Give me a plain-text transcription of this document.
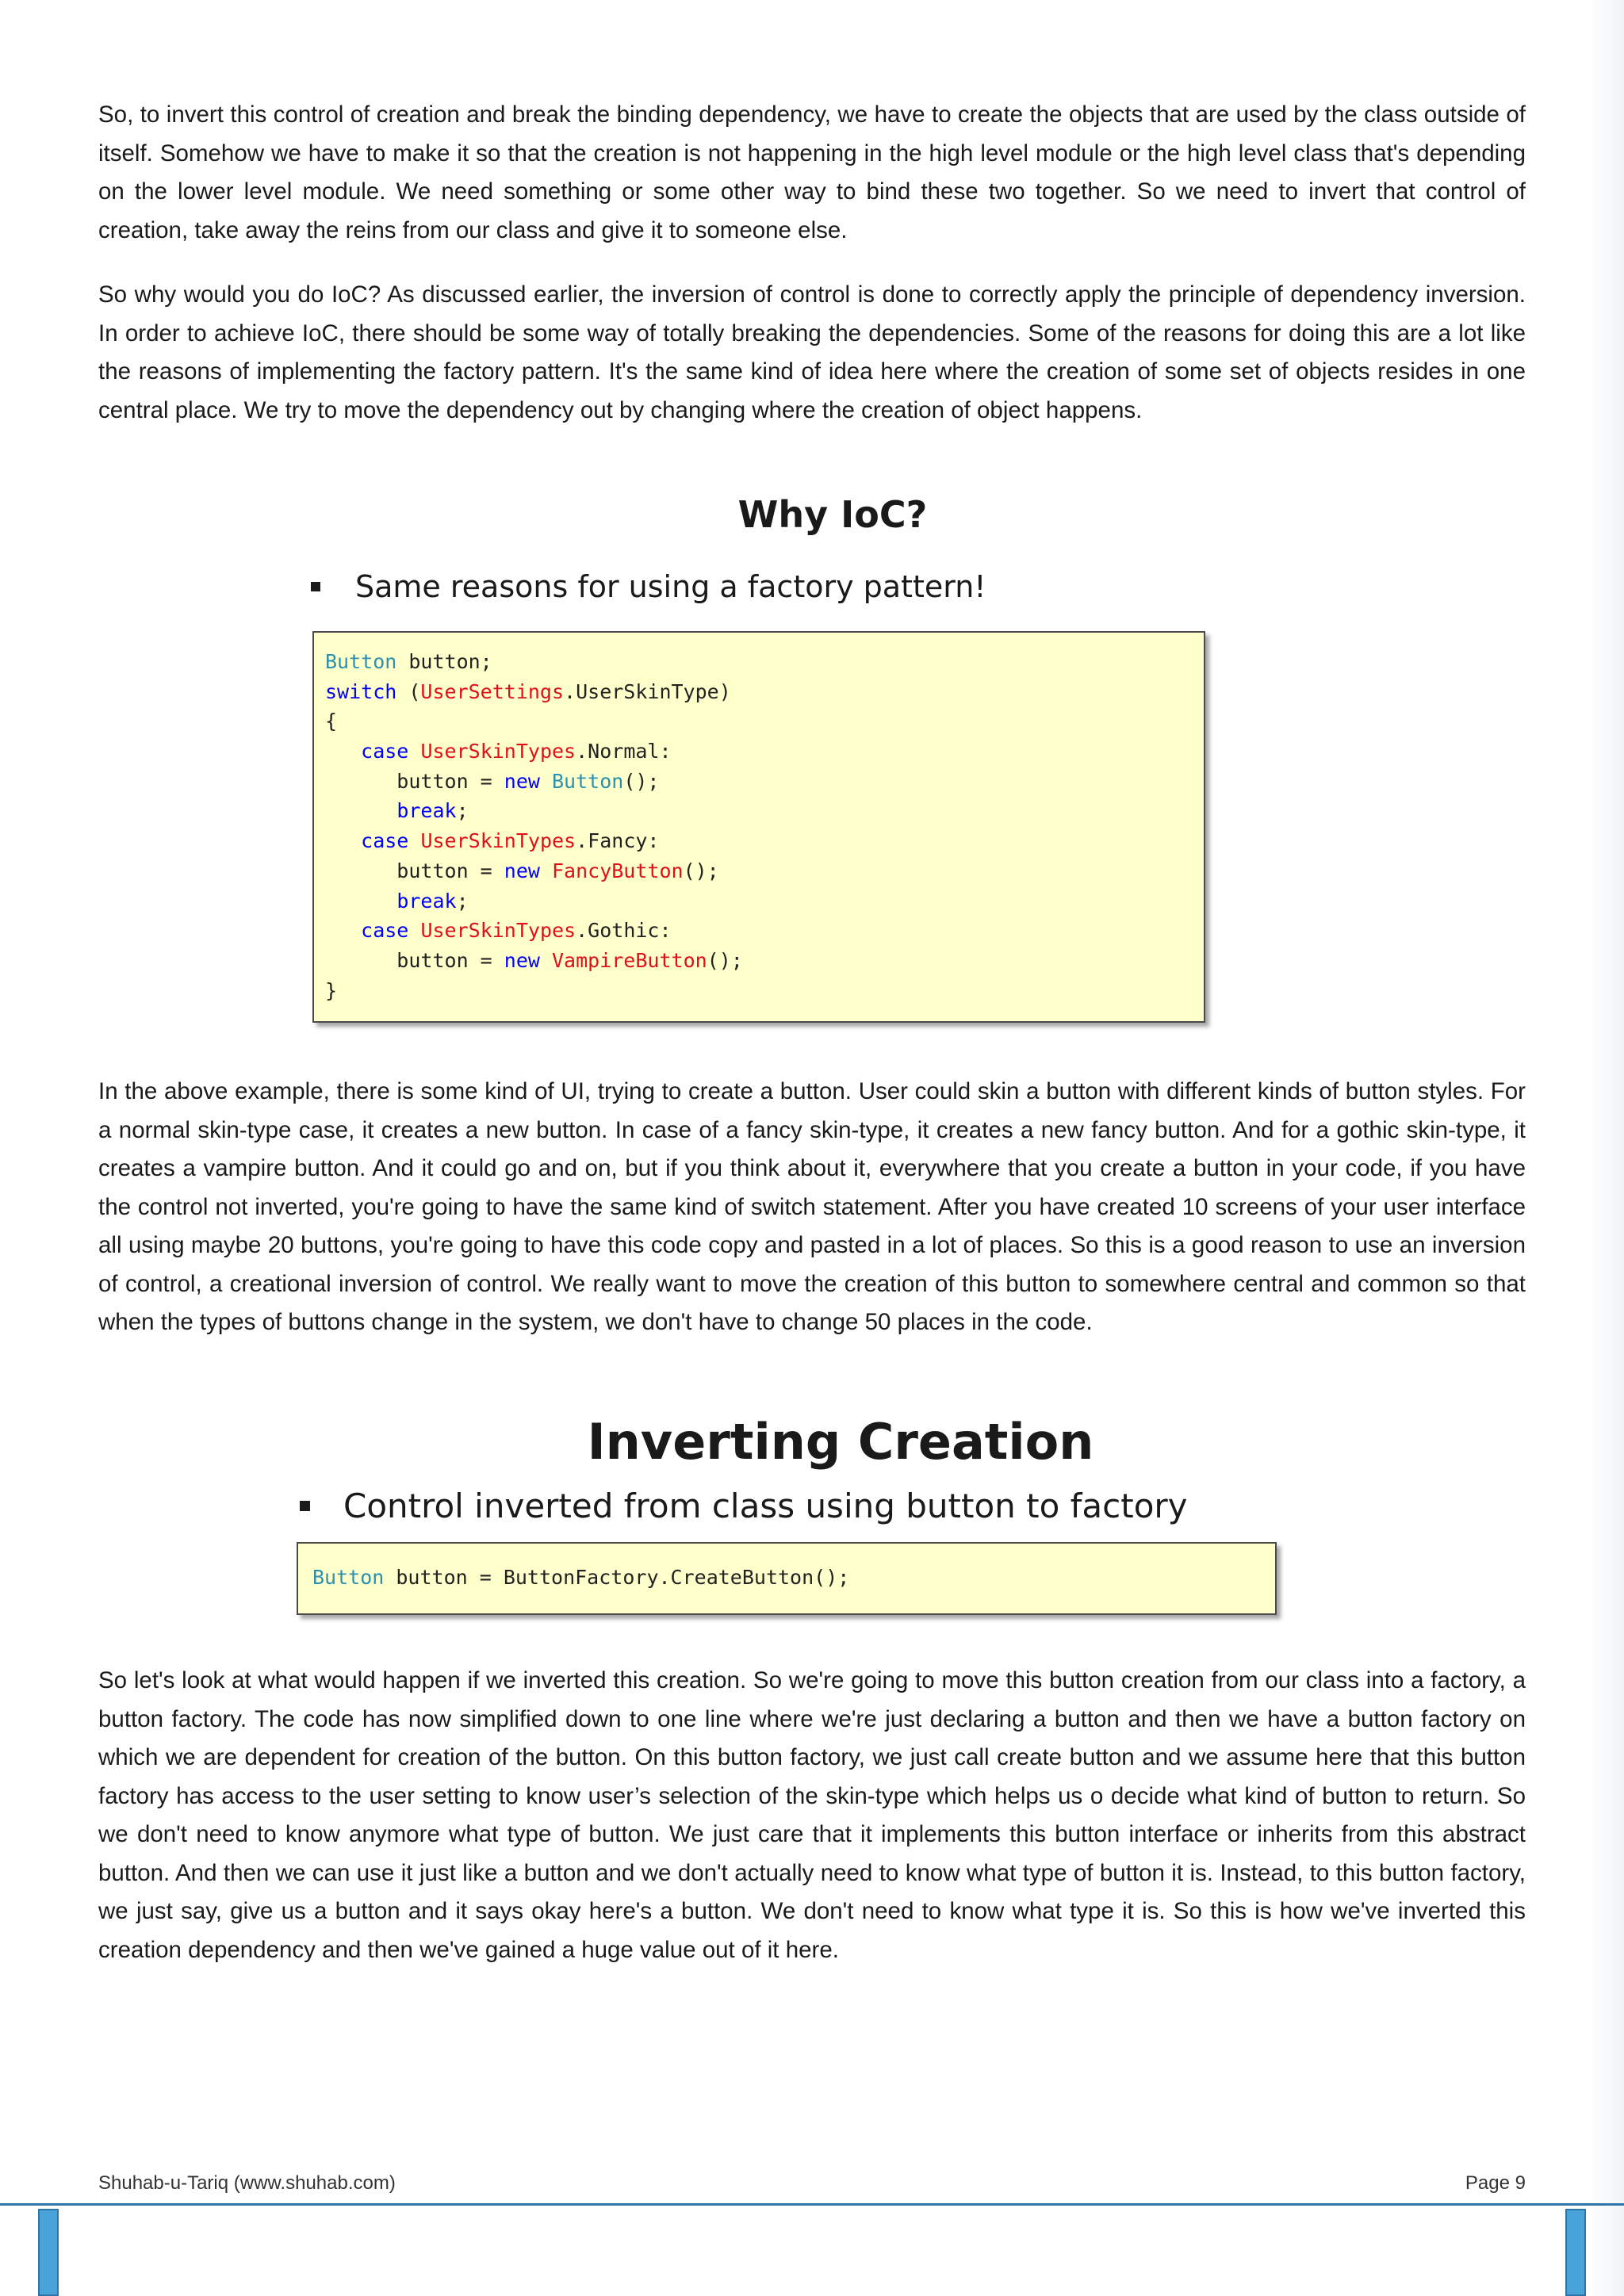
So, to invert this control of creation and break the binding dependency, we have to create the objects that are used by the class outside of itself. Somehow we have to make it so that the creation is not happening in the high level module or the high level class that's depending on the lower level module. We need something or some other way to bind these two together. So we need to invert that control of creation, take away the reins from our class and give it to someone else.

So why would you do IoC? As discussed earlier, the inversion of control is done to correctly apply the principle of dependency inversion. In order to achieve IoC, there should be some way of totally breaking the dependencies. Some of the reasons for doing this are a lot like the reasons of implementing the factory pattern. It's the same kind of idea here where the creation of some set of objects resides in one central place. We try to move the dependency out by changing where the creation of object happens.

Why IoC?
Same reasons for using a factory pattern!
Button button;
switch (UserSettings.UserSkinType)
{
case UserSkinTypes.Normal:
button = new Button();
break;
case UserSkinTypes.Fancy:
button = new FancyButton();
break;
case UserSkinTypes.Gothic:
button = new VampireButton();
}

In the above example, there is some kind of UI, trying to create a button. User could skin a button with different kinds of button styles. For a normal skin-type case, it creates a new button. In case of a fancy skin-type, it creates a new fancy button. And for a gothic skin-type, it creates a vampire button. And it could go and on, but if you think about it, everywhere that you create a button in your code, if you have the control not inverted, you're going to have the same kind of switch statement. After you have created 10 screens of your user interface all using maybe 20 buttons, you're going to have this code copy and pasted in a lot of places. So this is a good reason to use an inversion of control, a creational inversion of control. We really want to move the creation of this button to somewhere central and common so that when the types of buttons change in the system, we don't have to change 50 places in the code.

Inverting Creation
Control inverted from class using button to factory
Button button = ButtonFactory.CreateButton();

So let's look at what would happen if we inverted this creation. So we're going to move this button creation from our class into a factory, a button factory. The code has now simplified down to one line where we're just declaring a button and then we have a button factory on which we are dependent for creation of the button. On this button factory, we just call create button and we assume here that this button factory has access to the user setting to know user’s selection of the skin-type which helps us o decide what kind of button to return. So we don't need to know anymore what type of button. We just care that it implements this button interface or inherits from this abstract button. And then we can use it just like a button and we don't actually need to know what type of button it is. Instead, to this button factory, we just say, give us a button and it says okay here's a button. We don't need to know what type it is. So this is how we've inverted this creation dependency and then we've gained a huge value out of it here.

Shuhab-u-Tariq (www.shuhab.com)	Page 9
